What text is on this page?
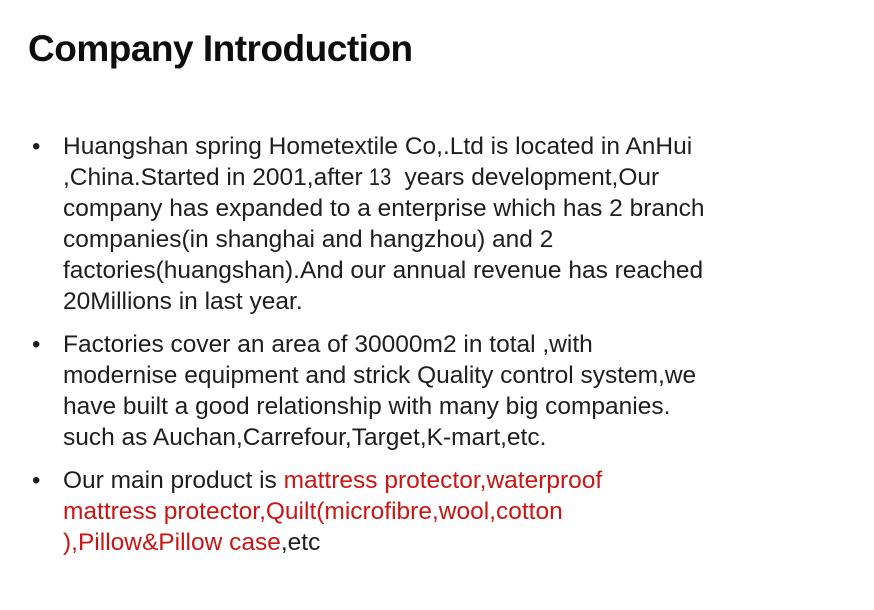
Company Introduction
• Huangshan spring Hometextile Co,.Ltd is located in AnHui
,China.Started in 2001,after 13 years development,Our
company has expanded to a enterprise which has 2 branch
companies(in shanghai and hangzhou) and 2
factories(huangshan).And our annual revenue has reached
20Millions in last year.
• Factories cover an area of 30000m2 in total ,with
modernise equipment and strick Quality control system,we
have built a good relationship with many big companies.
such as Auchan,Carrefour,Target,K-mart,etc.
• Our main product is mattress protector,waterproof
mattress protector,Quilt(microfibre,wool,cotton
),Pillow&Pillow case,etc
